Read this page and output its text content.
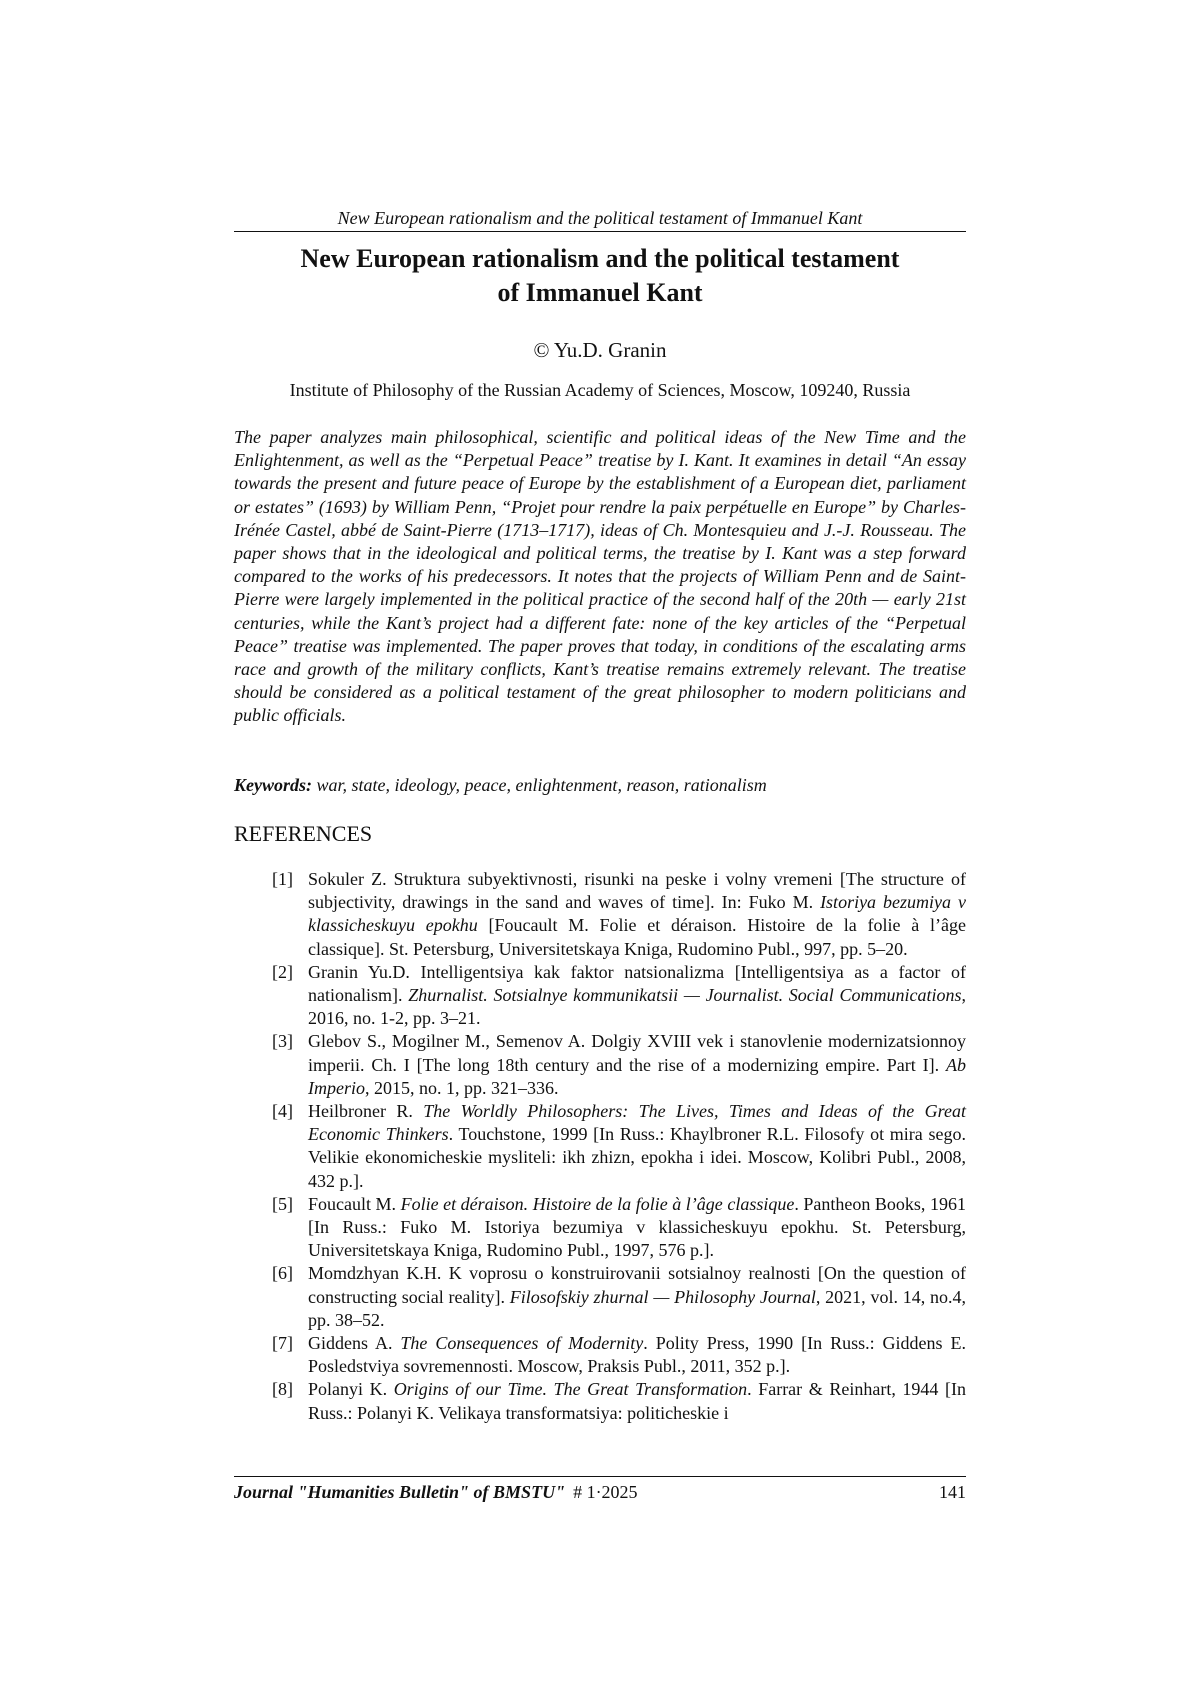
New European rationalism and the political testament of Immanuel Kant
New European rationalism and the political testament
of Immanuel Kant
© Yu.D. Granin
Institute of Philosophy of the Russian Academy of Sciences, Moscow, 109240, Russia

The paper analyzes main philosophical, scientific and political ideas of the New Time and the Enlightenment, as well as the “Perpetual Peace” treatise by I. Kant. It examines in detail “An essay towards the present and future peace of Europe by the establishment of a European diet, parliament or estates” (1693) by William Penn, “Projet pour rendre la paix perpétuelle en Europe” by Charles-Irénée Castel, abbé de Saint-Pierre (1713–1717), ideas of Ch. Montesquieu and J.-J. Rousseau. The paper shows that in the ideological and political terms, the treatise by I. Kant was a step forward compared to the works of his predecessors. It notes that the projects of William Penn and de Saint-Pierre were largely implemented in the political practice of the second half of the 20th — early 21st centuries, while the Kant’s project had a different fate: none of the key articles of the “Perpetual Peace” treatise was implemented. The paper proves that today, in conditions of the escalating arms race and growth of the military conflicts, Kant’s treatise remains extremely relevant. The treatise should be considered as a political testament of the great philosopher to modern politicians and public officials.

Keywords: war, state, ideology, peace, enlightenment, reason, rationalism
REFERENCES
[1] Sokuler Z. Struktura subyektivnosti, risunki na peske i volny vremeni [The structure of subjectivity, drawings in the sand and waves of time]. In: Fuko M. Istoriya bezumiya v klassicheskuyu epokhu [Foucault M. Folie et déraison. Histoire de la folie à l’âge classique]. St. Petersburg, Universitetskaya Kniga, Rudomino Publ., 997, pp. 5–20.
[2] Granin Yu.D. Intelligentsiya kak faktor natsionalizma [Intelligentsiya as a factor of nationalism]. Zhurnalist. Sotsialnye kommunikatsii — Journalist. Social Communications, 2016, no. 1-2, pp. 3–21.
[3] Glebov S., Mogilner M., Semenov A. Dolgiy XVIII vek i stanovlenie modernizatsionnoy imperii. Ch. I [The long 18th century and the rise of a modernizing empire. Part I]. Ab Imperio, 2015, no. 1, pp. 321–336.
[4] Heilbroner R. The Worldly Philosophers: The Lives, Times and Ideas of the Great Economic Thinkers. Touchstone, 1999 [In Russ.: Khaylbroner R.L. Filosofy ot mira sego. Velikie ekonomicheskie mysliteli: ikh zhizn, epokha i idei. Moscow, Kolibri Publ., 2008, 432 p.].
[5] Foucault M. Folie et déraison. Histoire de la folie à l’âge classique. Pantheon Books, 1961 [In Russ.: Fuko M. Istoriya bezumiya v klassicheskuyu epokhu. St. Petersburg, Universitetskaya Kniga, Rudomino Publ., 1997, 576 p.].
[6] Momdzhyan K.H. K voprosu o konstruirovanii sotsialnoy realnosti [On the question of constructing social reality]. Filosofskiy zhurnal — Philosophy Journal, 2021, vol. 14, no.4, pp. 38–52.
[7] Giddens A. The Consequences of Modernity. Polity Press, 1990 [In Russ.: Giddens E. Posledstviya sovremennosti. Moscow, Praksis Publ., 2011, 352 p.].
[8] Polanyi K. Origins of our Time. The Great Transformation. Farrar & Reinhart, 1944 [In Russ.: Polanyi K. Velikaya transformatsiya: politicheskie i
Journal "Humanities Bulletin" of BMSTU" # 1·2025	141
